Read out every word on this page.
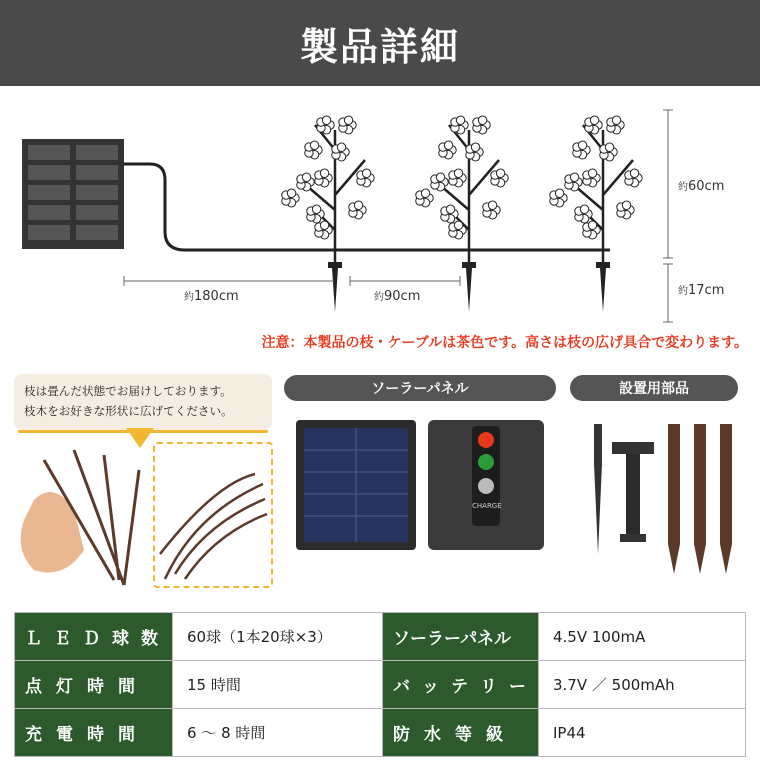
製品詳細
約180cm	約90cm
約60cm
約17cm
注意：本製品の枝・ケーブルは茶色です。高さは枝の広げ具合で変わります。
枝は畳んだ状態でお届けしております。
枝木をお好きな形状に広げてください。
ソーラーパネル
CHARGE
設置用部品
ＬＥＤ球数	60球（1本20球×3）	ソーラーパネル	4.5V 100mA
点灯時間	15 時間	バッテリー	3.7V ／ 500mAh
充電時間	6 ～ 8 時間	防水等級	IP44
